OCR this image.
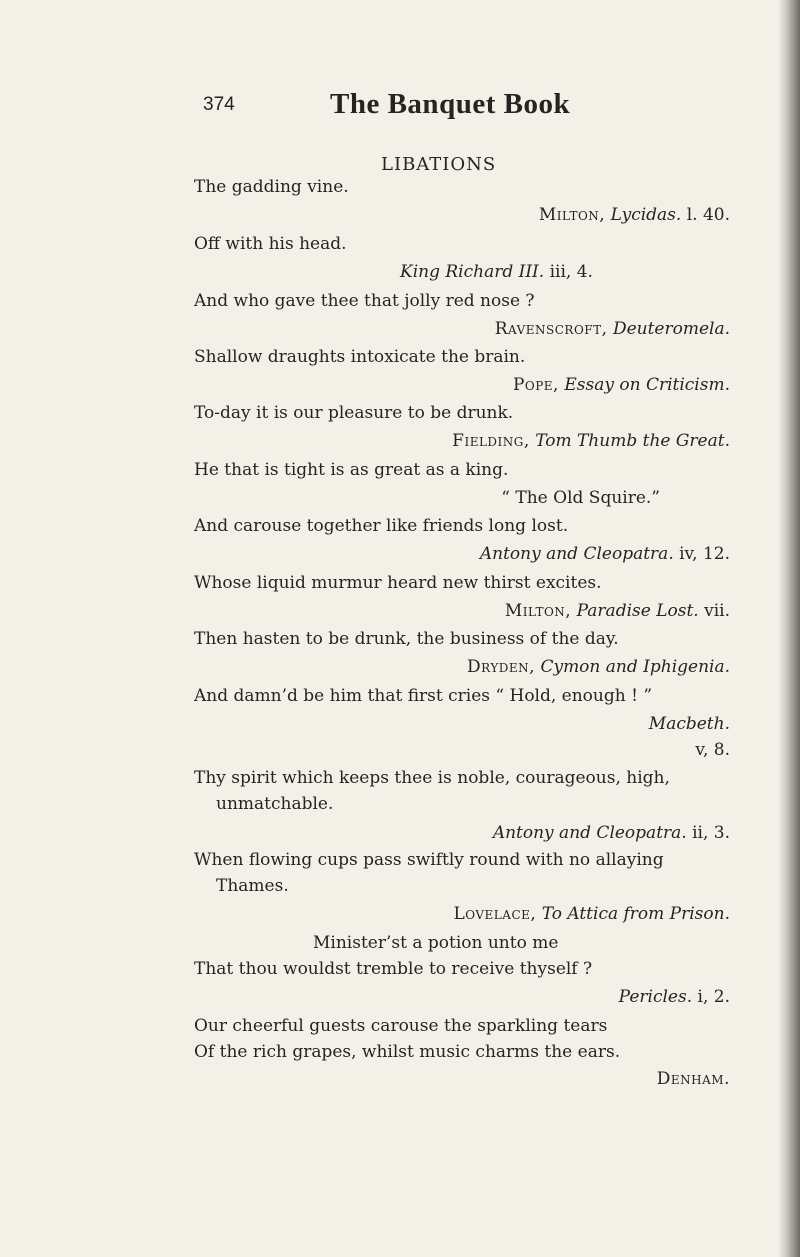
374	The Banquet Book
LIBATIONS
The gadding vine.
Milton, Lycidas. l. 40.
Off with his head.
King Richard III. iii, 4.
And who gave thee that jolly red nose ?
Ravenscroft, Deuteromela.
Shallow draughts intoxicate the brain.
Pope, Essay on Criticism.
To-day it is our pleasure to be drunk.
Fielding, Tom Thumb the Great.
He that is tight is as great as a king.
“ The Old Squire.”
And carouse together like friends long lost.
Antony and Cleopatra. iv, 12.
Whose liquid murmur heard new thirst excites.
Milton, Paradise Lost. vii.
Then hasten to be drunk, the business of the day.
Dryden, Cymon and Iphigenia.
And damn’d be him that first cries “ Hold, enough ! ”
Macbeth.
v, 8.
Thy spirit which keeps thee is noble, courageous, high,
unmatchable.
Antony and Cleopatra. ii, 3.
When flowing cups pass swiftly round with no allaying
Thames.
Lovelace, To Attica from Prison.
Minister’st a potion unto me
That thou wouldst tremble to receive thyself ?
Pericles. i, 2.
Our cheerful guests carouse the sparkling tears
Of the rich grapes, whilst music charms the ears.
Denham.
